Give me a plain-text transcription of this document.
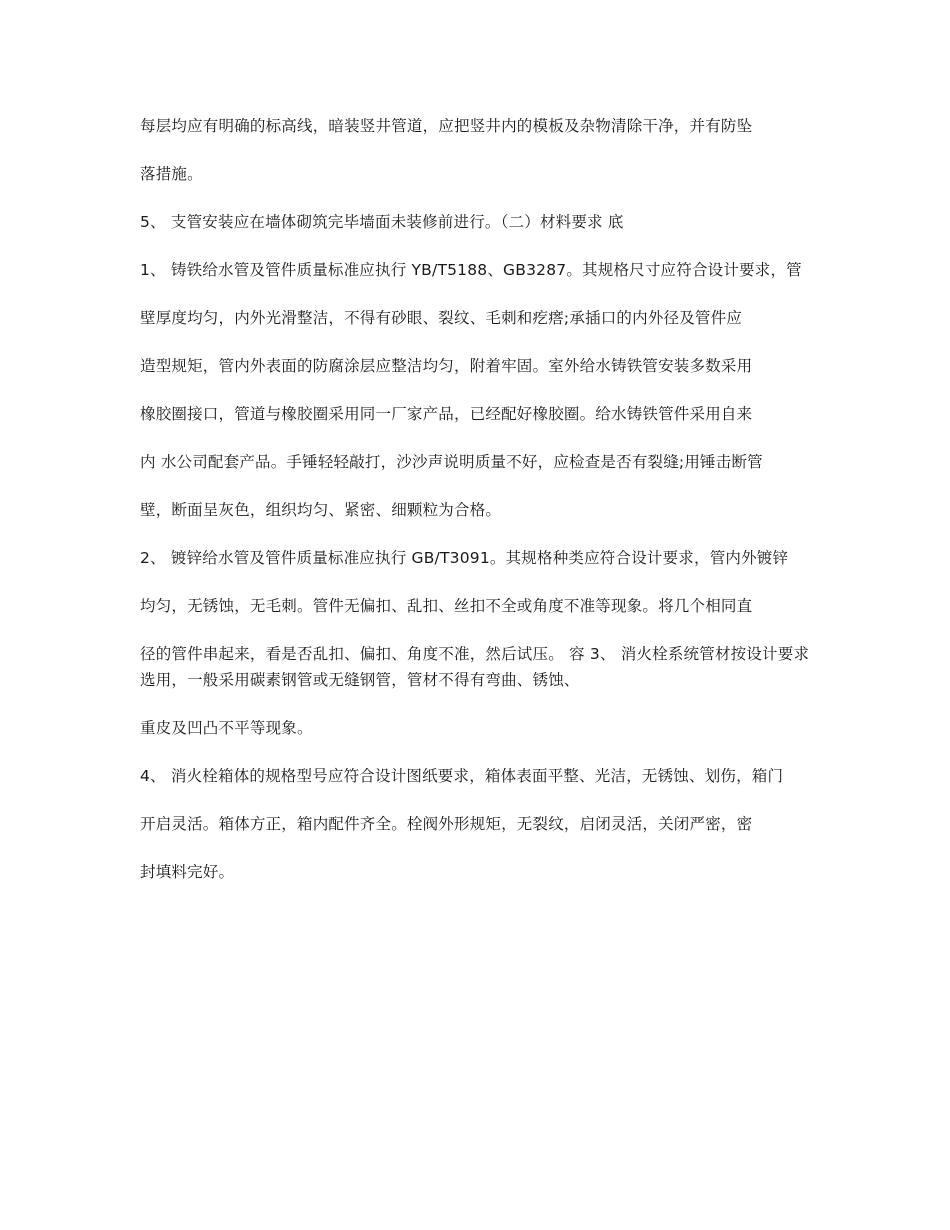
每层均应有明确的标高线，暗装竖井管道，应把竖井内的模板及杂物清除干净，并有防坠

落措施。

5、 支管安装应在墙体砌筑完毕墙面未装修前进行。（二）材料要求 底

1、 铸铁给水管及管件质量标准应执行 YB/T5188、GB3287。其规格尺寸应符合设计要求，管

壁厚度均匀，内外光滑整洁，不得有砂眼、裂纹、毛刺和疙瘩;承插口的内外径及管件应

造型规矩，管内外表面的防腐涂层应整洁均匀，附着牢固。室外给水铸铁管安装多数采用

橡胶圈接口，管道与橡胶圈采用同一厂家产品，已经配好橡胶圈。给水铸铁管件采用自来

内 水公司配套产品。手锤轻轻敲打，沙沙声说明质量不好，应检查是否有裂缝;用锤击断管

壁，断面呈灰色，组织均匀、紧密、细颗粒为合格。

2、 镀锌给水管及管件质量标准应执行 GB/T3091。其规格种类应符合设计要求，管内外镀锌

均匀，无锈蚀，无毛刺。管件无偏扣、乱扣、丝扣不全或角度不准等现象。将几个相同直

径的管件串起来，看是否乱扣、偏扣、角度不准，然后试压。 容 3、 消火栓系统管材按设计要求选用，一般采用碳素钢管或无缝钢管，管材不得有弯曲、锈蚀、

重皮及凹凸不平等现象。

4、 消火栓箱体的规格型号应符合设计图纸要求，箱体表面平整、光洁，无锈蚀、划伤，箱门

开启灵活。箱体方正，箱内配件齐全。栓阀外形规矩，无裂纹，启闭灵活，关闭严密，密

封填料完好。
